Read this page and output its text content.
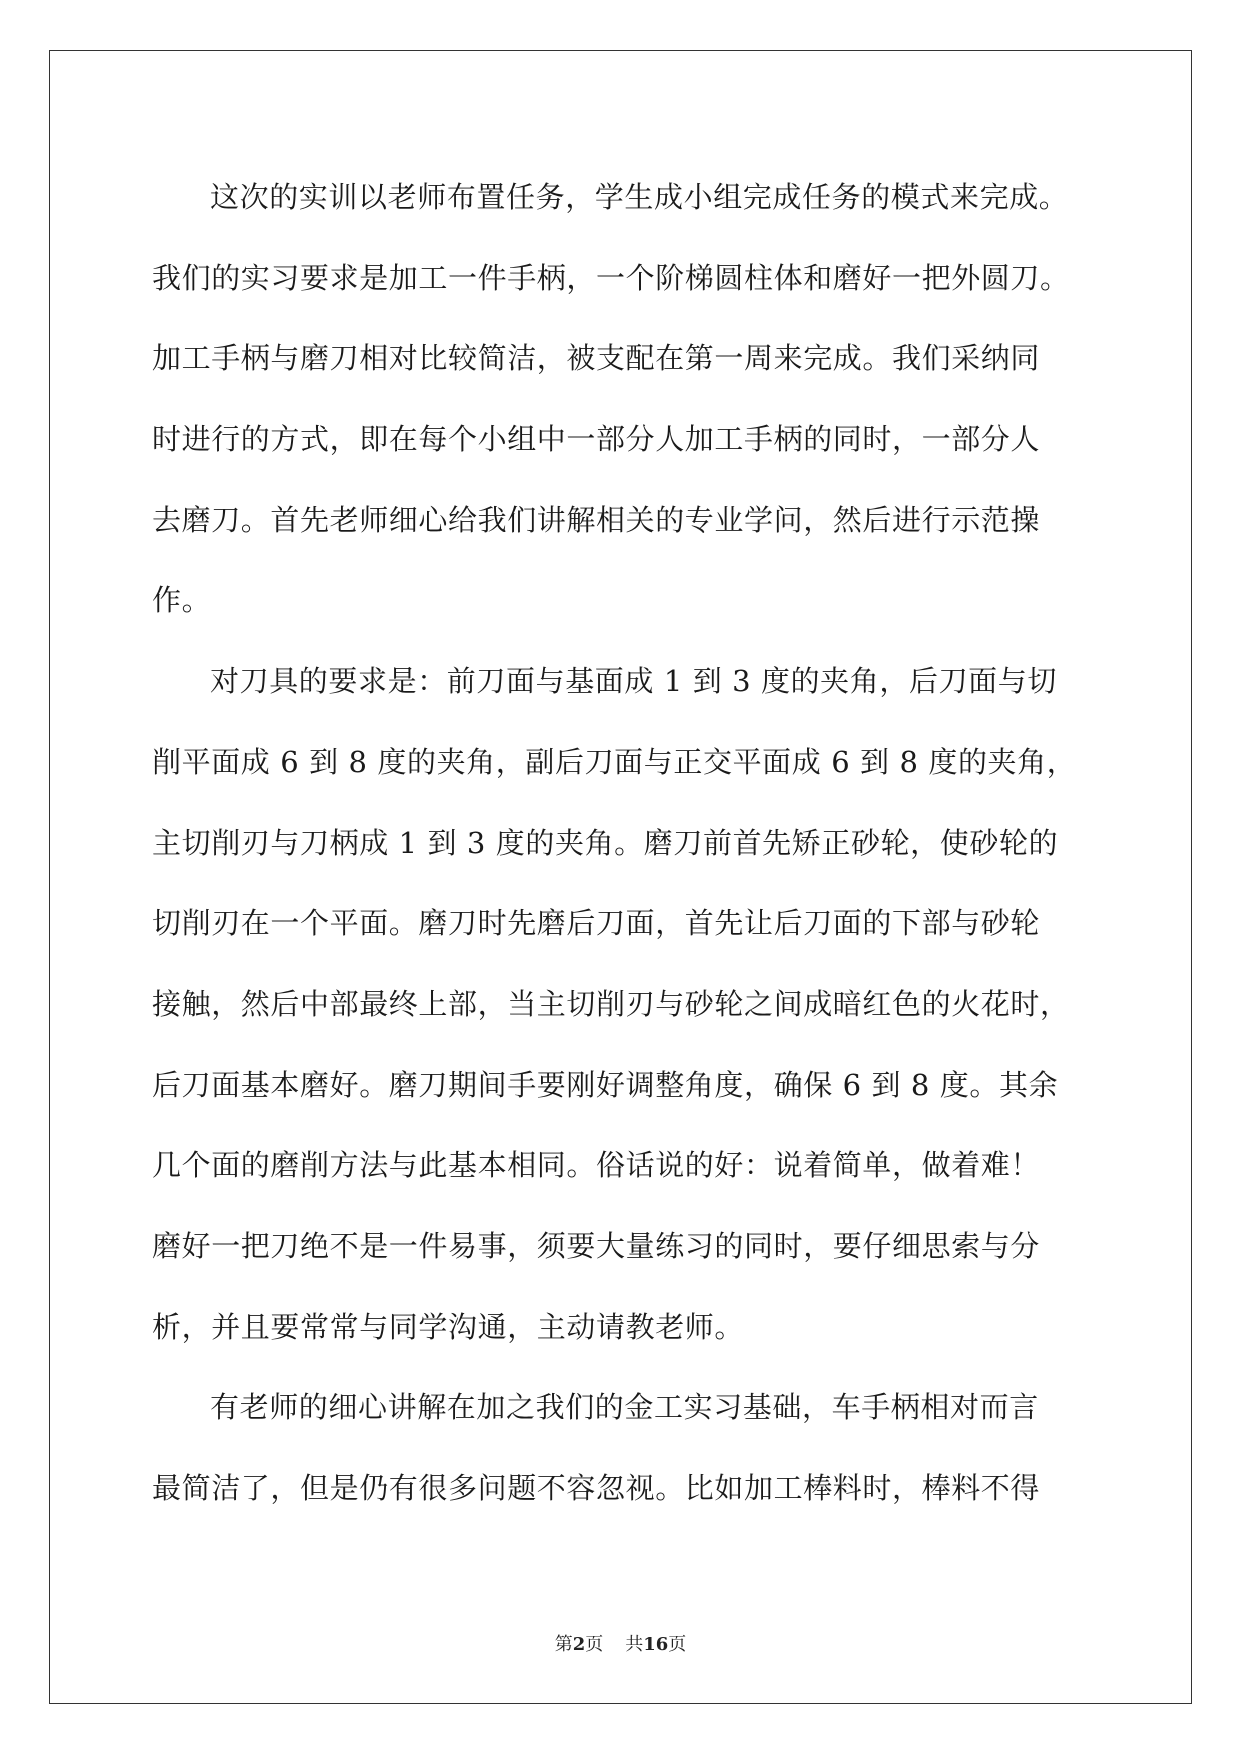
这次的实训以老师布置任务，学生成小组完成任务的模式来完成。
我们的实习要求是加工一件手柄，一个阶梯圆柱体和磨好一把外圆刀。
加工手柄与磨刀相对比较简洁，被支配在第一周来完成。我们采纳同
时进行的方式，即在每个小组中一部分人加工手柄的同时，一部分人
去磨刀。首先老师细心给我们讲解相关的专业学问，然后进行示范操
作。

对刀具的要求是：前刀面与基面成 1 到 3 度的夹角，后刀面与切
削平面成 6 到 8 度的夹角，副后刀面与正交平面成 6 到 8 度的夹角，
主切削刃与刀柄成 1 到 3 度的夹角。磨刀前首先矫正砂轮，使砂轮的
切削刃在一个平面。磨刀时先磨后刀面，首先让后刀面的下部与砂轮
接触，然后中部最终上部，当主切削刃与砂轮之间成暗红色的火花时，
后刀面基本磨好。磨刀期间手要刚好调整角度，确保 6 到 8 度。其余
几个面的磨削方法与此基本相同。俗话说的好：说着简单，做着难！
磨好一把刀绝不是一件易事，须要大量练习的同时，要仔细思索与分
析，并且要常常与同学沟通，主动请教老师。

有老师的细心讲解在加之我们的金工实习基础，车手柄相对而言
最简洁了，但是仍有很多问题不容忽视。比如加工棒料时，棒料不得

第2页 共16页
